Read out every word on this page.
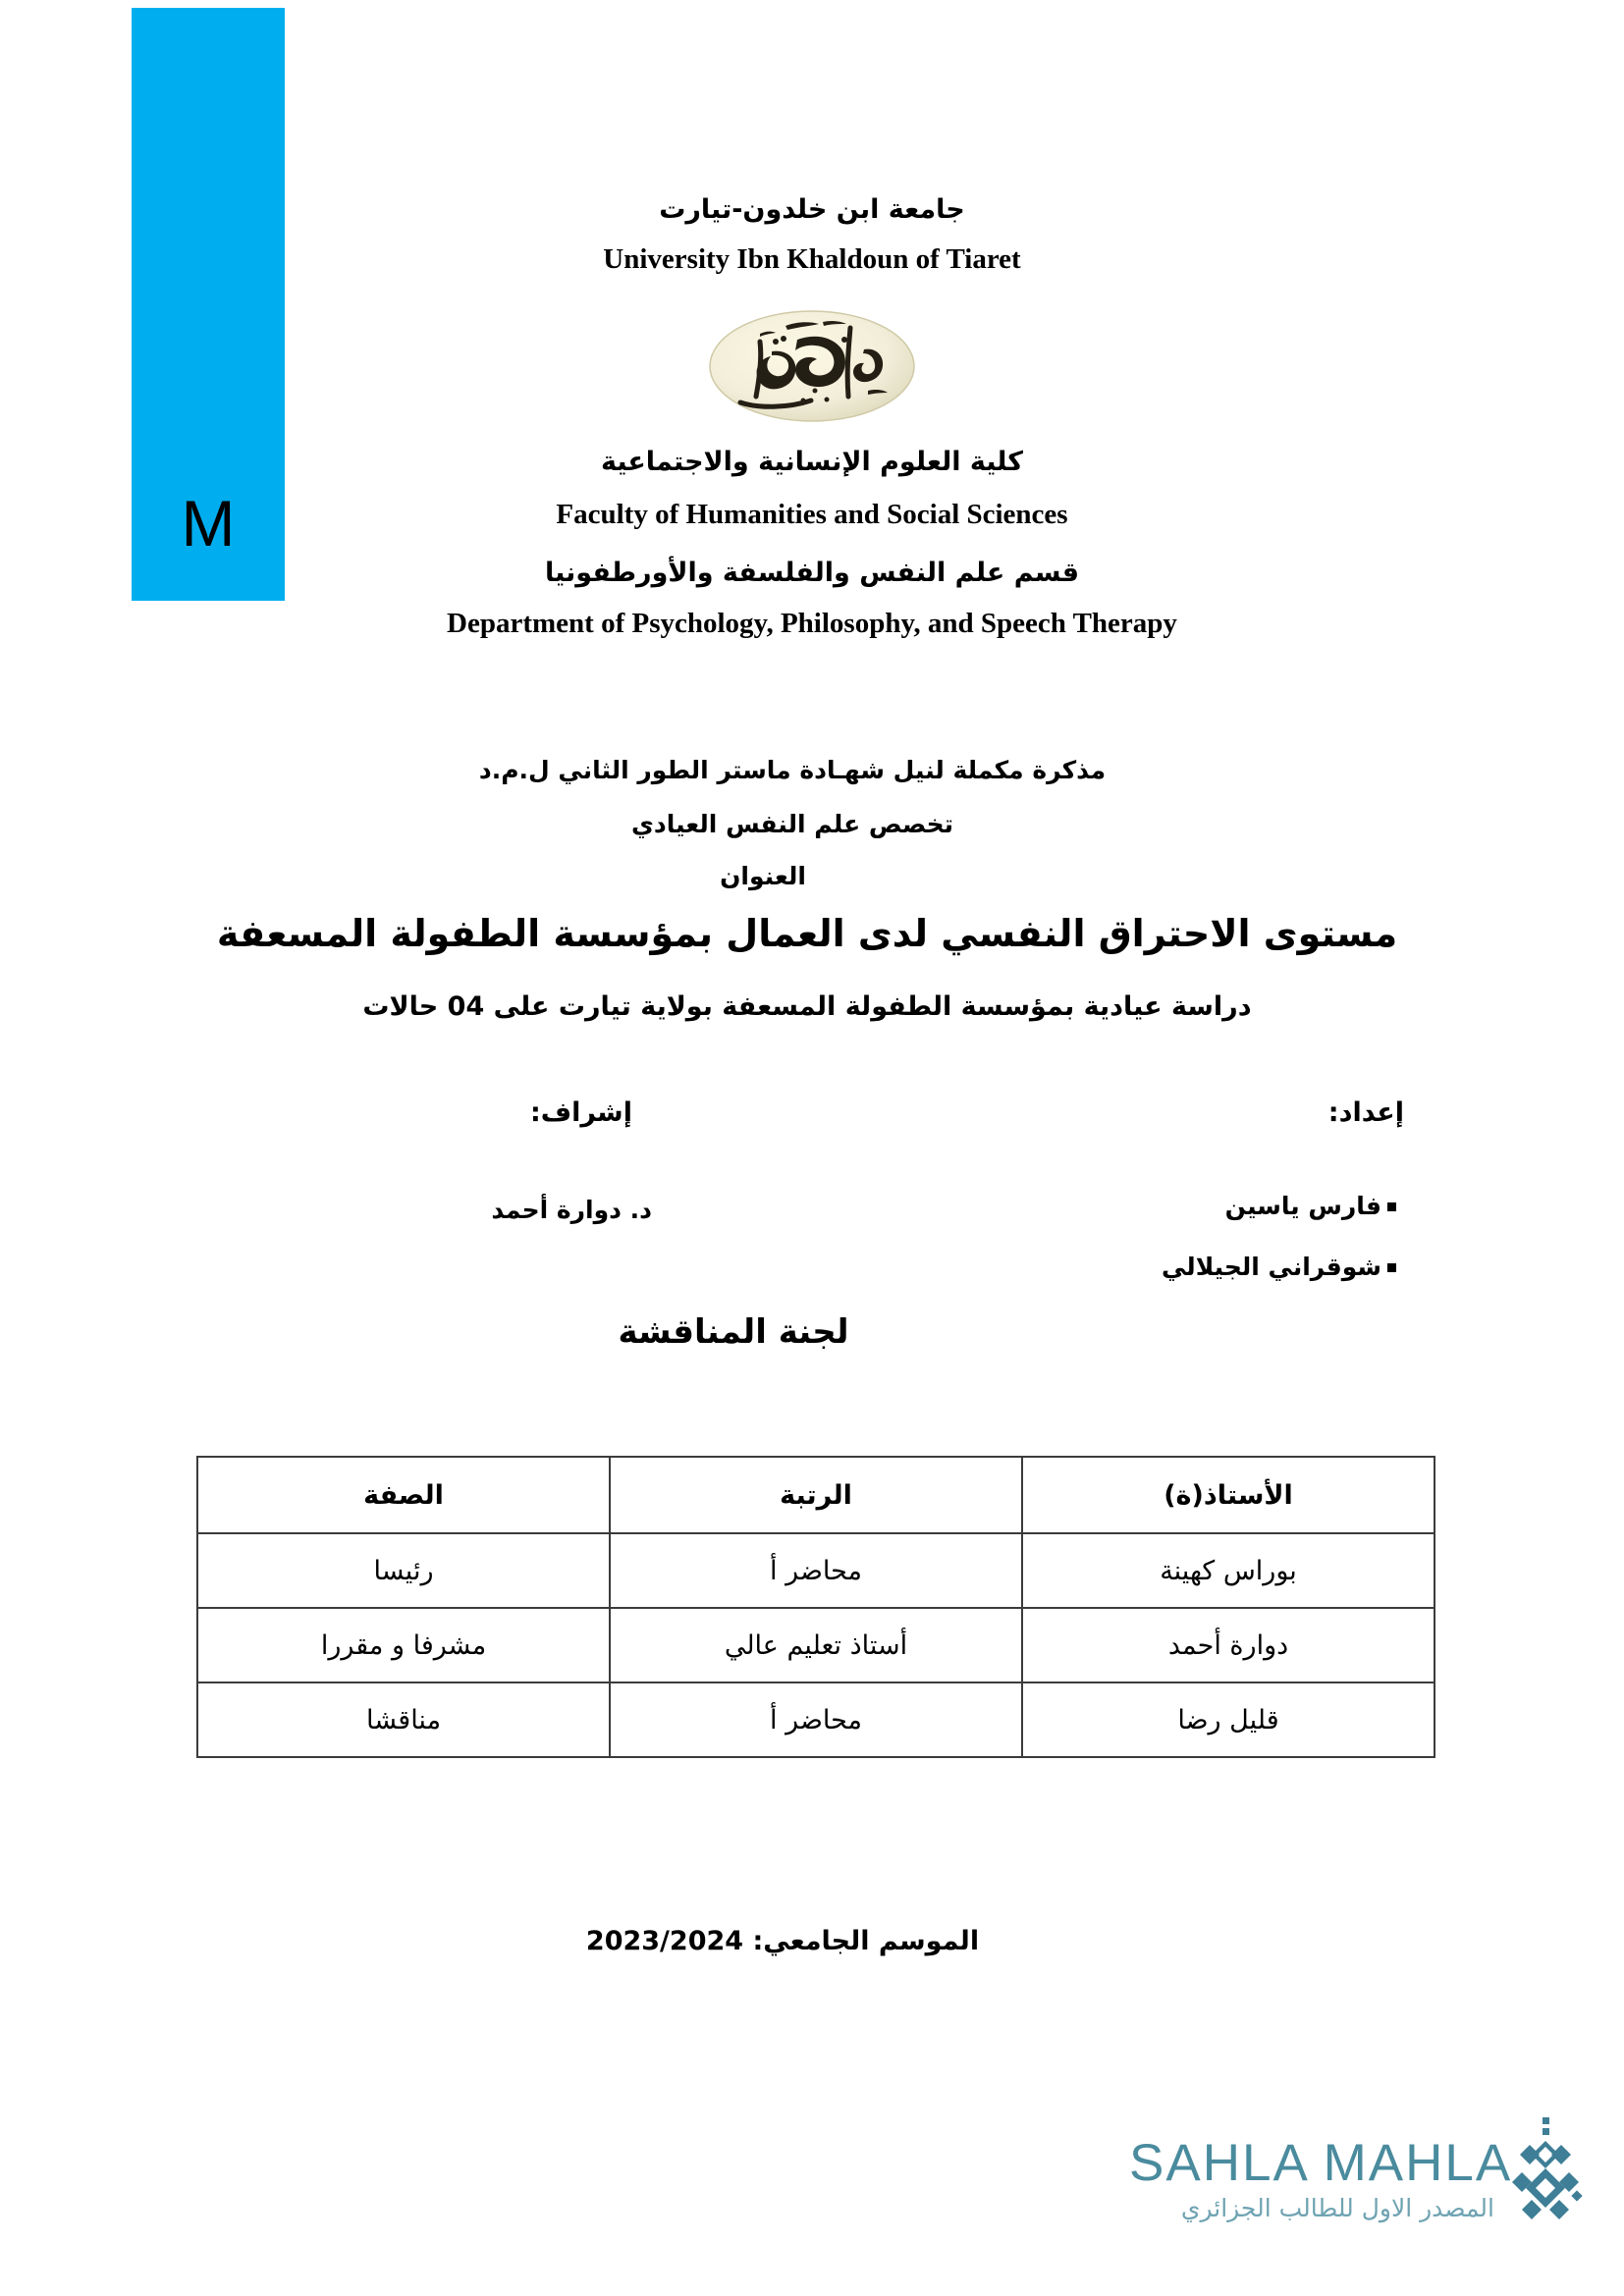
M
جامعة ابن خلدون-تيارت
University Ibn Khaldoun of Tiaret
كلية العلوم الإنسانية والاجتماعية
Faculty of Humanities and Social Sciences
قسم علم النفس والفلسفة والأورطفونيا
Department of Psychology, Philosophy, and Speech Therapy
مذكرة مكملة لنيل شهـادة ماستر الطور الثاني ل.م.د
تخصص علم النفس العيادي
العنوان
مستوى الاحتراق النفسي لدى العمال بمؤسسة الطفولة المسعفة
دراسة عيادية بمؤسسة الطفولة المسعفة بولاية تيارت على 04 حالات
إعداد:
إشراف:
فارس ياسين
شوقراني الجيلالي
د. دوارة أحمد
لجنة المناقشة
الأستاذ(ة)	الرتبة	الصفة
بوراس كهينة	محاضر أ	رئيسا
دوارة أحمد	أستاذ تعليم عالي	مشرفا و مقررا
قليل رضا	محاضر أ	مناقشا
الموسم الجامعي: 2023/2024
SAHLA MAHLA
المصدر الاول للطالب الجزائري
